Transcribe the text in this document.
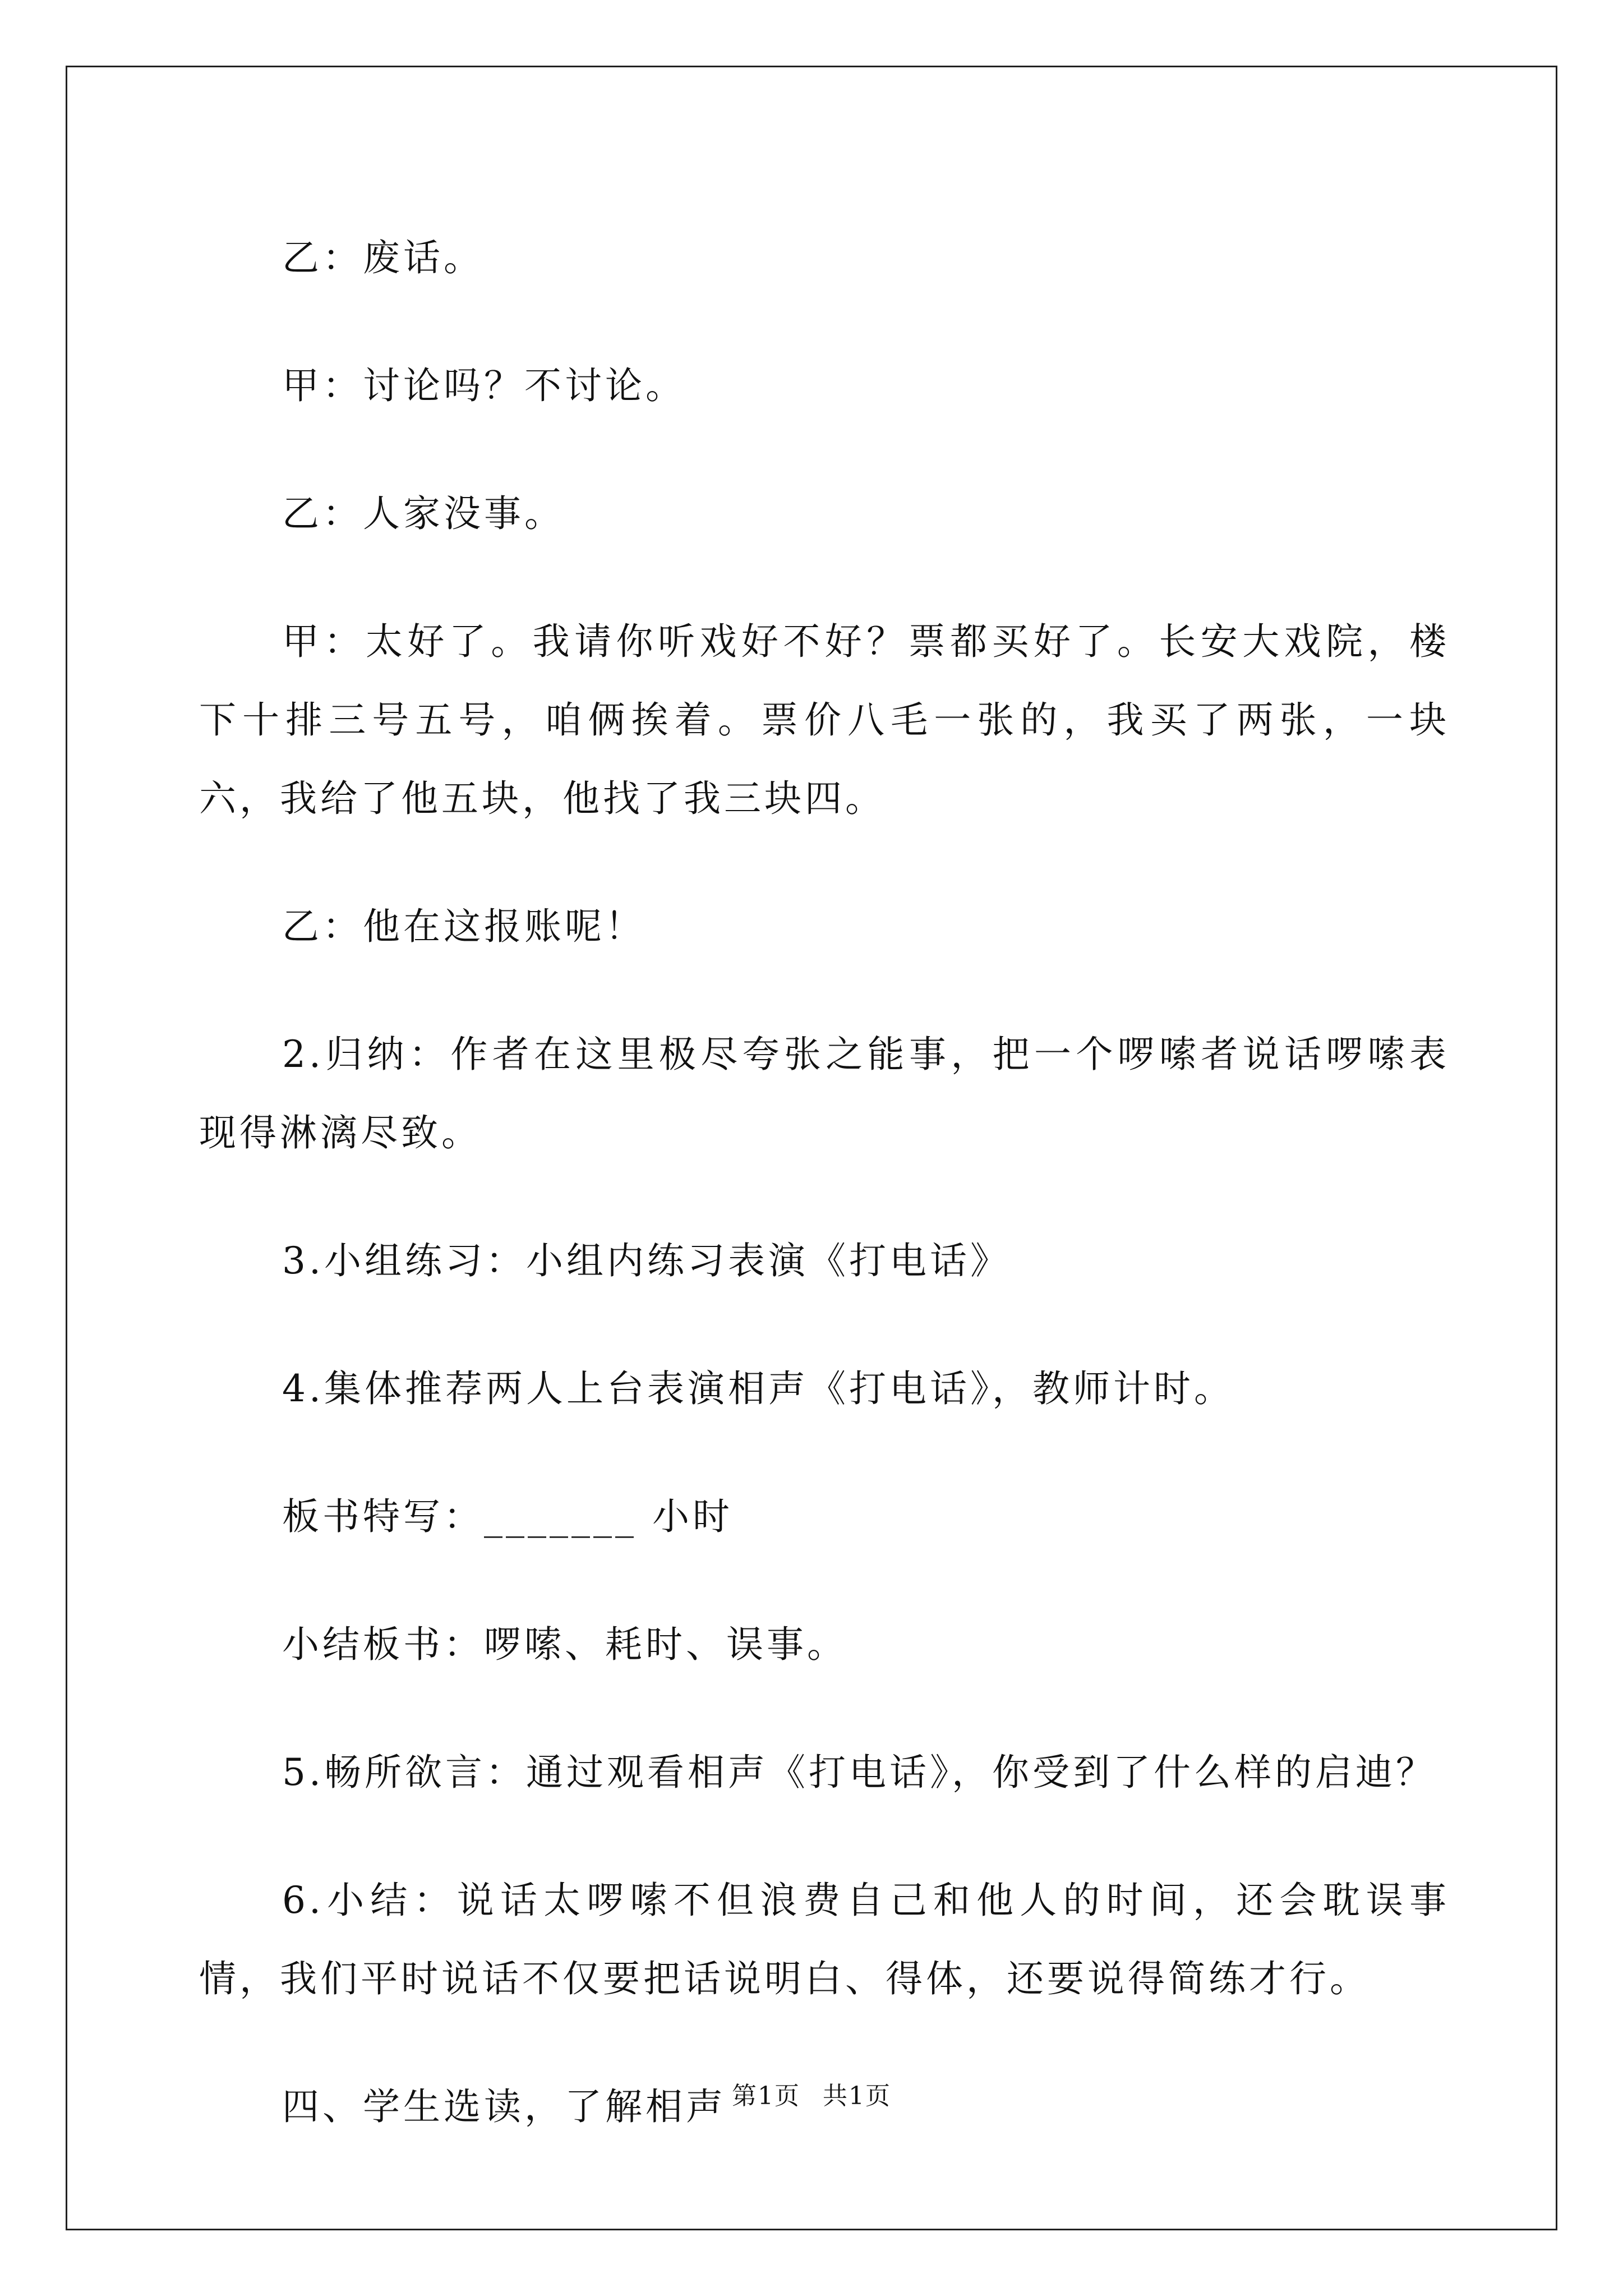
乙：废话。

甲：讨论吗？不讨论。

乙：人家没事。

甲：太好了。我请你听戏好不好？票都买好了。长安大戏院，楼下十排三号五号，咱俩挨着。票价八毛一张的，我买了两张，一块六，我给了他五块，他找了我三块四。

乙：他在这报账呢！

2.归纳：作者在这里极尽夸张之能事，把一个啰嗦者说话啰嗦表现得淋漓尽致。

3.小组练习：小组内练习表演《打电话》

4.集体推荐两人上台表演相声《打电话》，教师计时。

板书特写：_______ 小时

小结板书：啰嗦、耗时、误事。

5.畅所欲言：通过观看相声《打电话》，你受到了什么样的启迪？

6.小结：说话太啰嗦不但浪费自己和他人的时间，还会耽误事情，我们平时说话不仅要把话说明白、得体，还要说得简练才行。

四、学生选读，了解相声 第1页 共1页
